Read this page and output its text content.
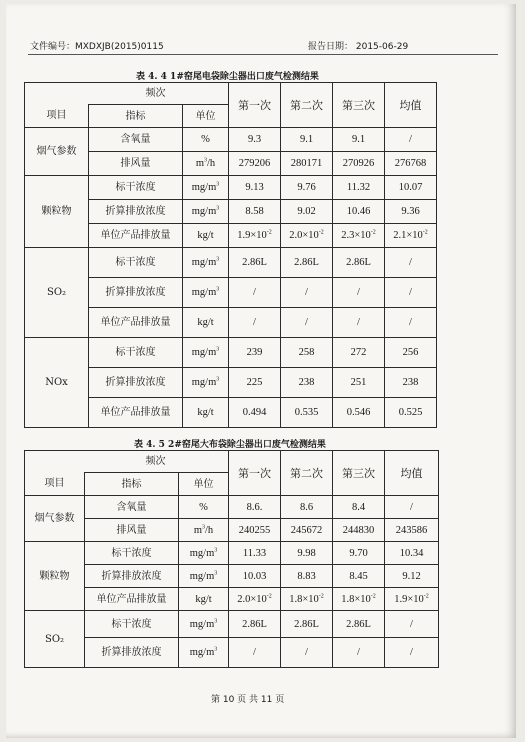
文件编号：MXDXJB(2015)0115	报告日期： 2015-06-29
表 4. 4 1#窑尾电袋除尘器出口废气检测结果
频次			第一次	第二次	第三次	均值
项目	指标	单位				
烟气参数	含氧量	%	9.3	9.1	9.1	/
	排风量	$m^3/h$	279206	280171	270926	276768
颗粒物	标干浓度	$mg/m^3$	9.13	9.76	11.32	10.07
	折算排放浓度	$mg/m^3$	8.58	9.02	10.46	9.36
	单位产品排放量	kg/t	$1.9\times 10^{-2}$	$2.0\times 10^{-2}$	$2.3\times 10^{-2}$	$2.1\times 10^{-2}$
SO₂	标干浓度	$mg/m^3$	2.86L	2.86L	2.86L	/
	折算排放浓度	$mg/m^3$	/	/	/	/
	单位产品排放量	kg/t	/	/	/	/
NOx	标干浓度	$mg/m^3$	239	258	272	256
	折算排放浓度	$mg/m^3$	225	238	251	238
	单位产品排放量	kg/t	0.494	0.535	0.546	0.525
表 4. 5 2#窑尾大布袋除尘器出口废气检测结果
频次			第一次	第二次	第三次	均值
项目	指标	单位				
烟气参数	含氧量	%	8.6.	8.6	8.4	/
	排风量	$m^3/h$	240255	245672	244830	243586
颗粒物	标干浓度	$mg/m^3$	11.33	9.98	9.70	10.34
	折算排放浓度	$mg/m^3$	10.03	8.83	8.45	9.12
	单位产品排放量	kg/t	$2.0\times 10^{-2}$	$1.8\times 10^{-2}$	$1.8\times 10^{-2}$	$1.9\times 10^{-2}$
SO₂	标干浓度	$mg/m^3$	2.86L	2.86L	2.86L	/
	折算排放浓度	$mg/m^3$	/	/	/	/
第 10 页 共 11 页
